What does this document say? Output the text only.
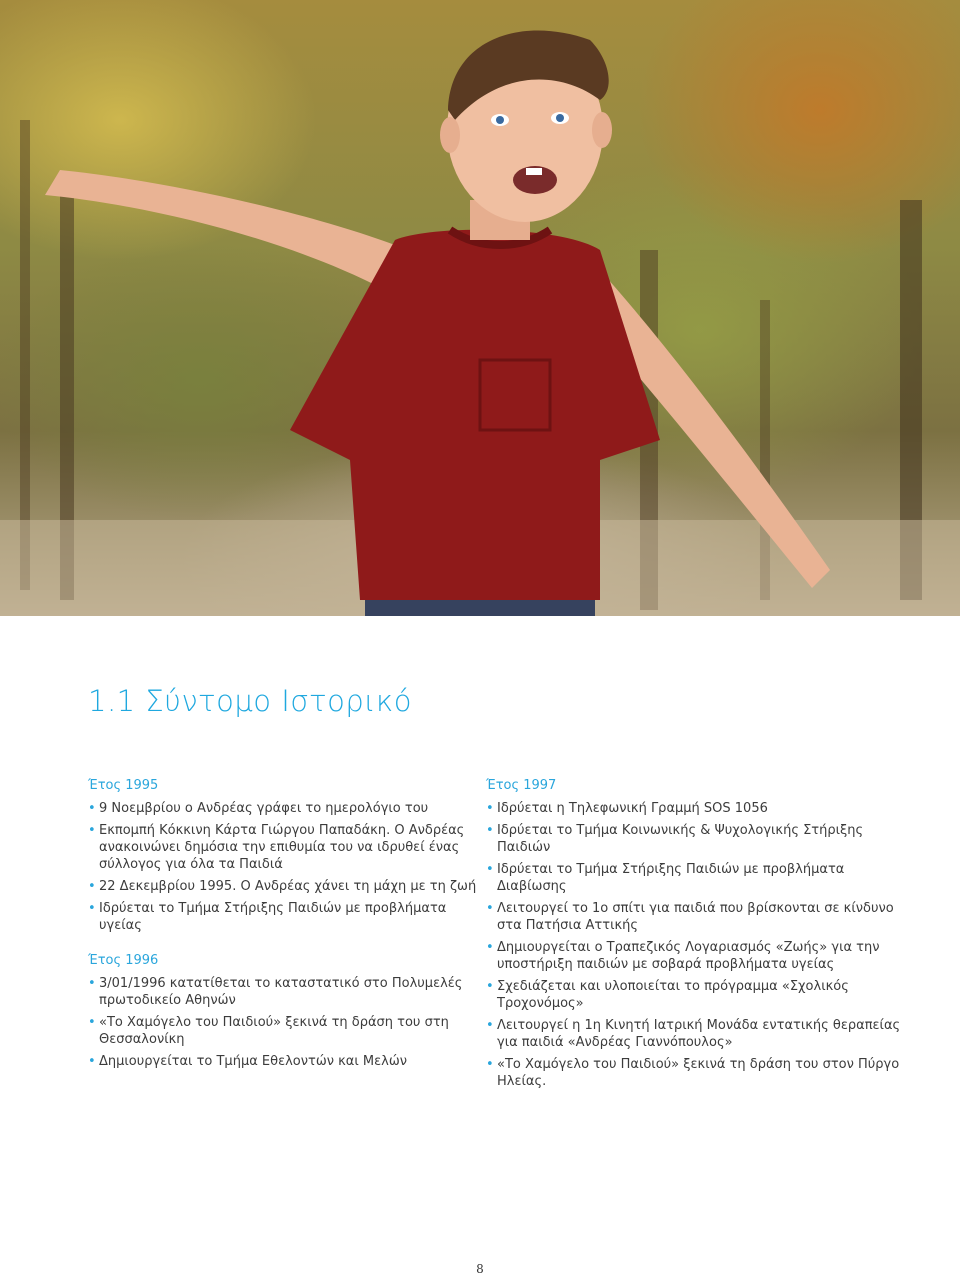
1.1 Σύντομο Ιστορικό

Έτος 1995

• 9 Νοεμβρίου ο Ανδρέας γράφει το ημερολόγιο του
• Εκπομπή Κόκκινη Κάρτα Γιώργου Παπαδάκη. Ο Ανδρέας ανακοινώνει δημόσια την επιθυμία του να ιδρυθεί ένας σύλλογος για όλα τα Παιδιά
• 22 Δεκεμβρίου 1995. Ο Ανδρέας χάνει τη μάχη με τη ζωή
• Ιδρύεται το Τμήμα Στήριξης Παιδιών με προβλήματα υγείας

Έτος 1996

• 3/01/1996 κατατίθεται το καταστατικό στο Πολυμελές πρωτοδικείο Αθηνών
• «Το Χαμόγελο του Παιδιού» ξεκινά τη δράση του στη Θεσσαλονίκη
• Δημιουργείται το Τμήμα Εθελοντών και Μελών

Έτος 1997

• Ιδρύεται η Τηλεφωνική Γραμμή SOS 1056
• Ιδρύεται το Τμήμα Κοινωνικής & Ψυχολογικής Στήριξης Παιδιών
• Ιδρύεται το Τμήμα Στήριξης Παιδιών με προβλήματα Διαβίωσης
• Λειτουργεί το 1ο σπίτι για παιδιά που βρίσκονται σε κίνδυνο στα Πατήσια Αττικής
• Δημιουργείται ο Τραπεζικός Λογαριασμός «Ζωής» για την υποστήριξη παιδιών με σοβαρά προβλήματα υγείας
• Σχεδιάζεται και υλοποιείται το πρόγραμμα «Σχολικός Τροχονόμος»
• Λειτουργεί η 1η Κινητή Ιατρική Μονάδα εντατικής θεραπείας για παιδιά «Ανδρέας Γιαννόπουλος»
• «Το Χαμόγελο του Παιδιού» ξεκινά τη δράση του στον Πύργο Ηλείας.
8
